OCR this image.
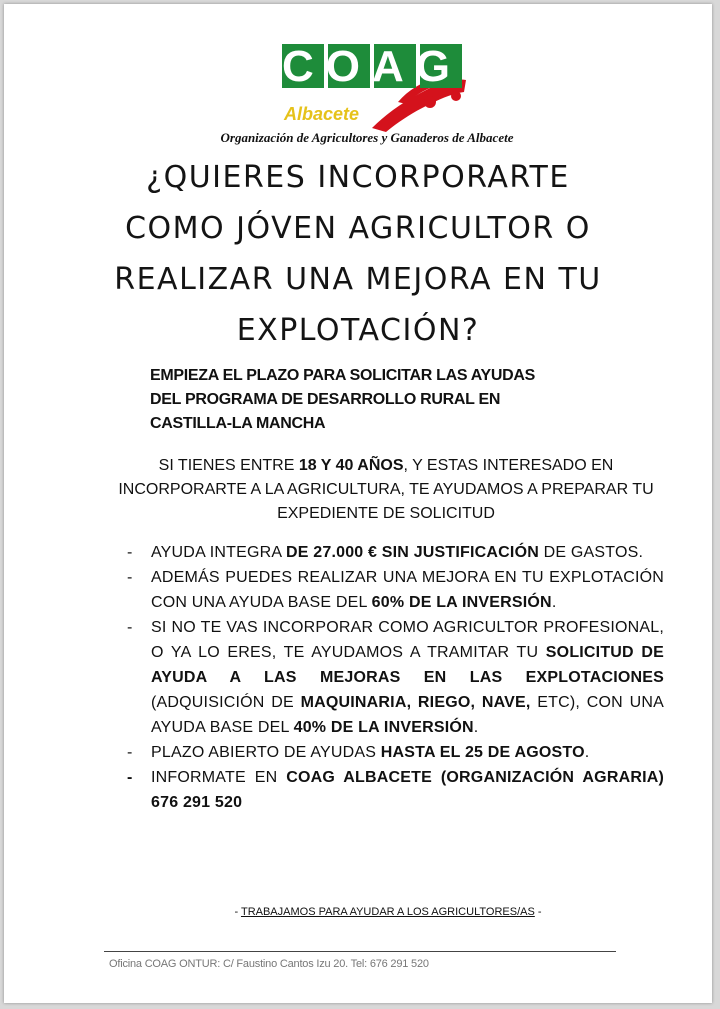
COAG
Albacete
Organización de Agricultores y Ganaderos de Albacete
¿QUIERES INCORPORARTE
COMO JÓVEN AGRICULTOR O
REALIZAR UNA MEJORA EN TU
EXPLOTACIÓN?
EMPIEZA EL PLAZO PARA SOLICITAR LAS AYUDAS
DEL PROGRAMA DE DESARROLLO RURAL EN
CASTILLA-LA MANCHA

SI TIENES ENTRE 18 Y 40 AÑOS, Y ESTAS INTERESADO EN INCORPORARTE A LA AGRICULTURA, TE AYUDAMOS A PREPARAR TU EXPEDIENTE DE SOLICITUD

- AYUDA INTEGRA DE 27.000 € SIN JUSTIFICACIÓN DE GASTOS.
- ADEMÁS PUEDES REALIZAR UNA MEJORA EN TU EXPLOTACIÓN CON UNA AYUDA BASE DEL 60% DE LA INVERSIÓN.
- SI NO TE VAS INCORPORAR COMO AGRICULTOR PROFESIONAL, O YA LO ERES, TE AYUDAMOS A TRAMITAR TU SOLICITUD DE AYUDA A LAS MEJORAS EN LAS EXPLOTACIONES (ADQUISICIÓN DE MAQUINARIA, RIEGO, NAVE, ETC), CON UNA AYUDA BASE DEL 40% DE LA INVERSIÓN.
- PLAZO ABIERTO DE AYUDAS HASTA EL 25 DE AGOSTO.
- INFORMATE EN COAG ALBACETE (ORGANIZACIÓN AGRARIA) 676 291 520
- TRABAJAMOS PARA AYUDAR A LOS AGRICULTORES/AS -
Oficina COAG ONTUR: C/ Faustino Cantos Izu 20. Tel: 676 291 520
